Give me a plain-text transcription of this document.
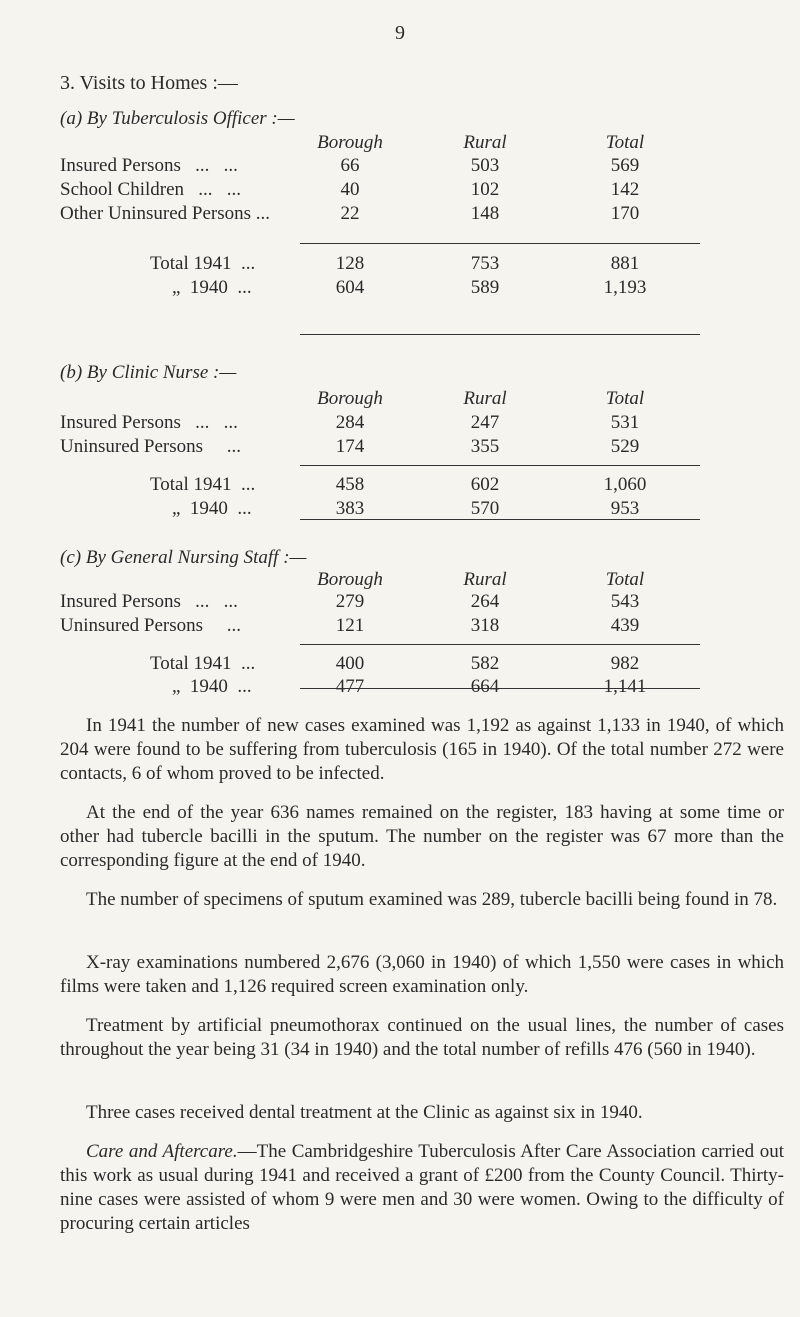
9
3. Visits to Homes :—
(a) By Tuberculosis Officer :—
Borough	Rural	Total
Insured Persons   ...   ...	66	503	569
School Children   ...   ...	40	102	142
Other Uninsured Persons ...	22	148	170
Total 1941  ...	128	753	881
„  1940  ...	604	589	1,193
(b) By Clinic Nurse :—
Borough	Rural	Total
Insured Persons   ...   ...	284	247	531
Uninsured Persons     ...	174	355	529
Total 1941  ...	458	602	1,060
„  1940  ...	383	570	953
(c) By General Nursing Staff :—
Borough	Rural	Total
Insured Persons   ...   ...	279	264	543
Uninsured Persons     ...	121	318	439
Total 1941  ...	400	582	982
„  1940  ...	477	664	1,141

In 1941 the number of new cases examined was 1,192 as against 1,133 in 1940, of which 204 were found to be suffering from tuberculosis (165 in 1940). Of the total number 272 were contacts, 6 of whom proved to be infected.

At the end of the year 636 names remained on the register, 183 having at some time or other had tubercle bacilli in the sputum. The number on the register was 67 more than the corresponding figure at the end of 1940.

The number of specimens of sputum examined was 289, tubercle bacilli being found in 78.

X-ray examinations numbered 2,676 (3,060 in 1940) of which 1,550 were cases in which films were taken and 1,126 required screen examination only.

Treatment by artificial pneumothorax continued on the usual lines, the number of cases throughout the year being 31 (34 in 1940) and the total number of refills 476 (560 in 1940).

Three cases received dental treatment at the Clinic as against six in 1940.

Care and Aftercare.—The Cambridgeshire Tuberculosis After Care Association carried out this work as usual during 1941 and received a grant of £200 from the County Council. Thirty-nine cases were assisted of whom 9 were men and 30 were women. Owing to the difficulty of procuring certain articles
